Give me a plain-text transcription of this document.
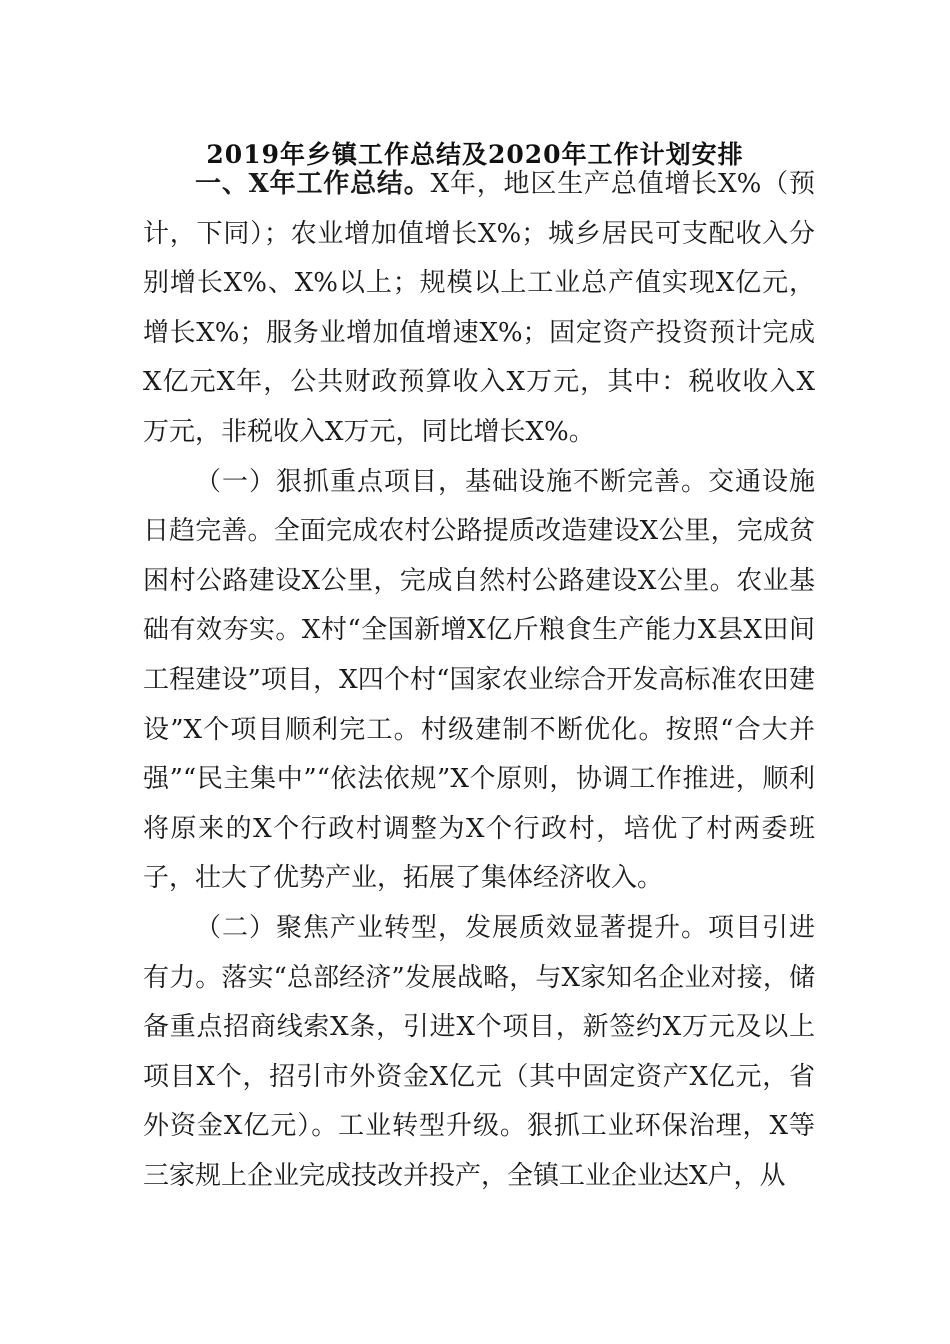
2019年乡镇工作总结及2020年工作计划安排

一、X年工作总结。X年，地区生产总值增长X%（预计，下同）；农业增加值增长X%；城乡居民可支配收入分别增长X%、X%以上；规模以上工业总产值实现X亿元，增长X%；服务业增加值增速X%；固定资产投资预计完成X亿元X年，公共财政预算收入X万元，其中：税收收入X万元，非税收入X万元，同比增长X%。

（一）狠抓重点项目，基础设施不断完善。交通设施日趋完善。全面完成农村公路提质改造建设X公里，完成贫困村公路建设X公里，完成自然村公路建设X公里。农业基础有效夯实。X村“全国新增X亿斤粮食生产能力X县X田间工程建设”项目，X四个村“国家农业综合开发高标准农田建设”X个项目顺利完工。村级建制不断优化。按照“合大并强”“民主集中”“依法依规”X个原则，协调工作推进，顺利将原来的X个行政村调整为X个行政村，培优了村两委班子，壮大了优势产业，拓展了集体经济收入。

（二）聚焦产业转型，发展质效显著提升。项目引进有力。落实“总部经济”发展战略，与X家知名企业对接，储备重点招商线索X条，引进X个项目，新签约X万元及以上项目X个，招引市外资金X亿元（其中固定资产X亿元，省外资金X亿元）。工业转型升级。狠抓工业环保治理，X等三家规上企业完成技改并投产，全镇工业企业达X户，从
